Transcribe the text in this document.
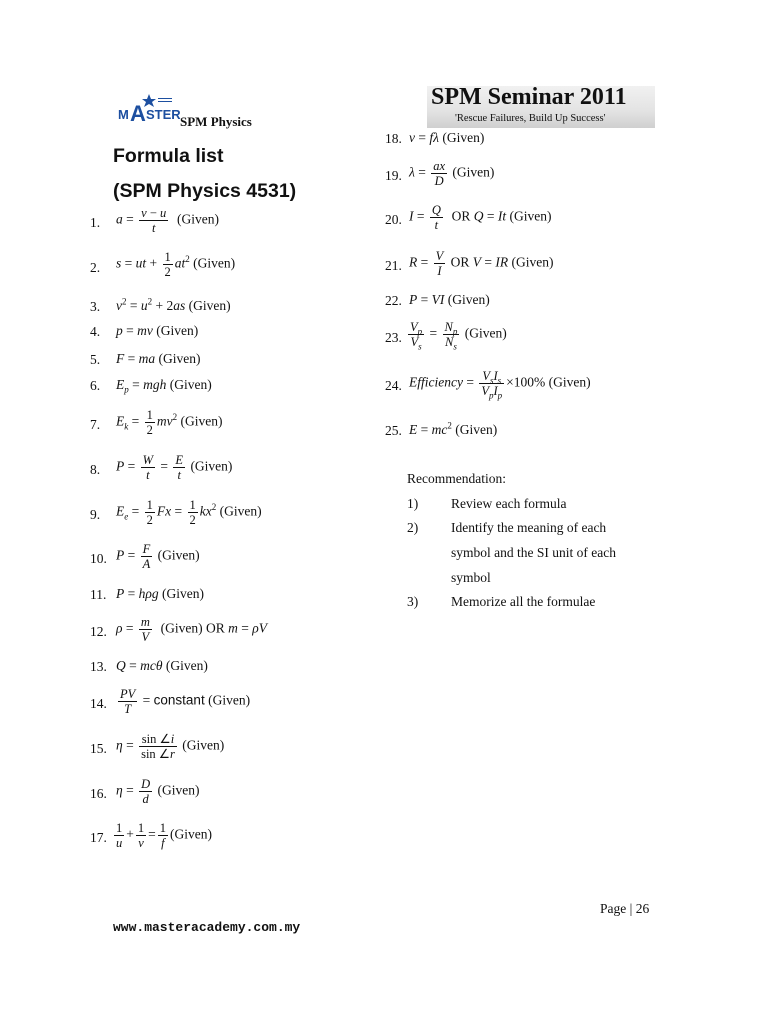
M A STER SPM Physics
Formula list
(SPM Physics 4531)
SPM Seminar 2011
'Rescue Failures, Build Up Success'
1. $a = \frac{v - u}{t}$ (Given)
2. s = ut + $\frac{1}{2} at^2$ (Given)
3. $v^2 = u^2 + 2as$ (Given)
4. p = mv (Given)
5. F = ma (Given)
6. $E_p$ = mgh (Given)
7. $E_k = \frac{1}{2} mv^2$ (Given)
8. $P = \frac{W}{t} = \frac{E}{t}$ (Given)
9. $E_e = \frac{1}{2}$ $Fx = \frac{1}{2} kx^2$ (Given)
10. $P = \frac{F}{A}$ (Given)
11. P = hρg (Given)
12. $\rho = \frac{m}{V}$ (Given) OR m = ρV
13. Q = mcθ (Given)
14. $\frac{PV}{T}$ = constant (Given)
15. $\eta = \frac{\sin \angle i}{\sin \angle r}$ (Given)
16. $\eta = \frac{D}{d}$ (Given)
17. $\frac{1}{u} + \frac{1}{v} = \frac{1}{f}$ (Given)
18. v = fλ (Given)
19. $\lambda = \frac{ax}{D}$ (Given)
20. $I = \frac{Q}{t}$ OR Q = It (Given)
21. $R = \frac{V}{I}$ OR V = IR (Given)
22. P = VI (Given)
23. $\frac{V_p}{V_s} = \frac{N_p}{N_s}$ (Given)
24. Efficiency = $\frac{V_sI_s}{V_pI_p} \times 100\%$ (Given)
25. $E = mc^2$ (Given)
Recommendation:
1) Review each formula
2) Identify the meaning of each
symbol and the SI unit of each
symbol
3) Memorize all the formulae
Page | 26
www.masteracademy.com.my
